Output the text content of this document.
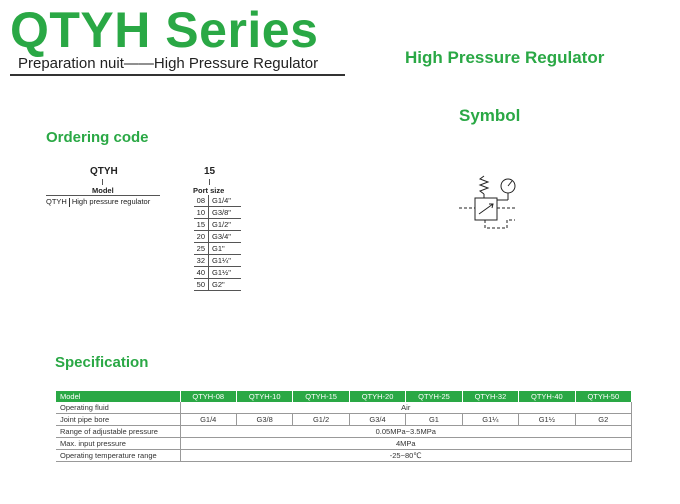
QTYH Series
Preparation nuit——High Pressure Regulator	High Pressure Regulator
Symbol
Ordering code
QTYH
Model
QTYH High pressure regulator
15
Port size
08	G1/4"
10	G3/8"
15	G1/2"
20	G3/4"
25	G1"
32	G1¼"
40	G1½"
50	G2"
Specification
Model	QTYH-08	QTYH-10	QTYH-15	QTYH-20	QTYH-25	QTYH-32	QTYH-40	QTYH-50
Operating fluid	Air							
Joint pipe bore	G1/4	G3/8	G1/2	G3/4	G1	G1¼	G1½	G2
Range of adjustable pressure	0.05MPa~3.5MPa							
Max. input pressure	4MPa							
Operating temperature range	-25~80℃							
